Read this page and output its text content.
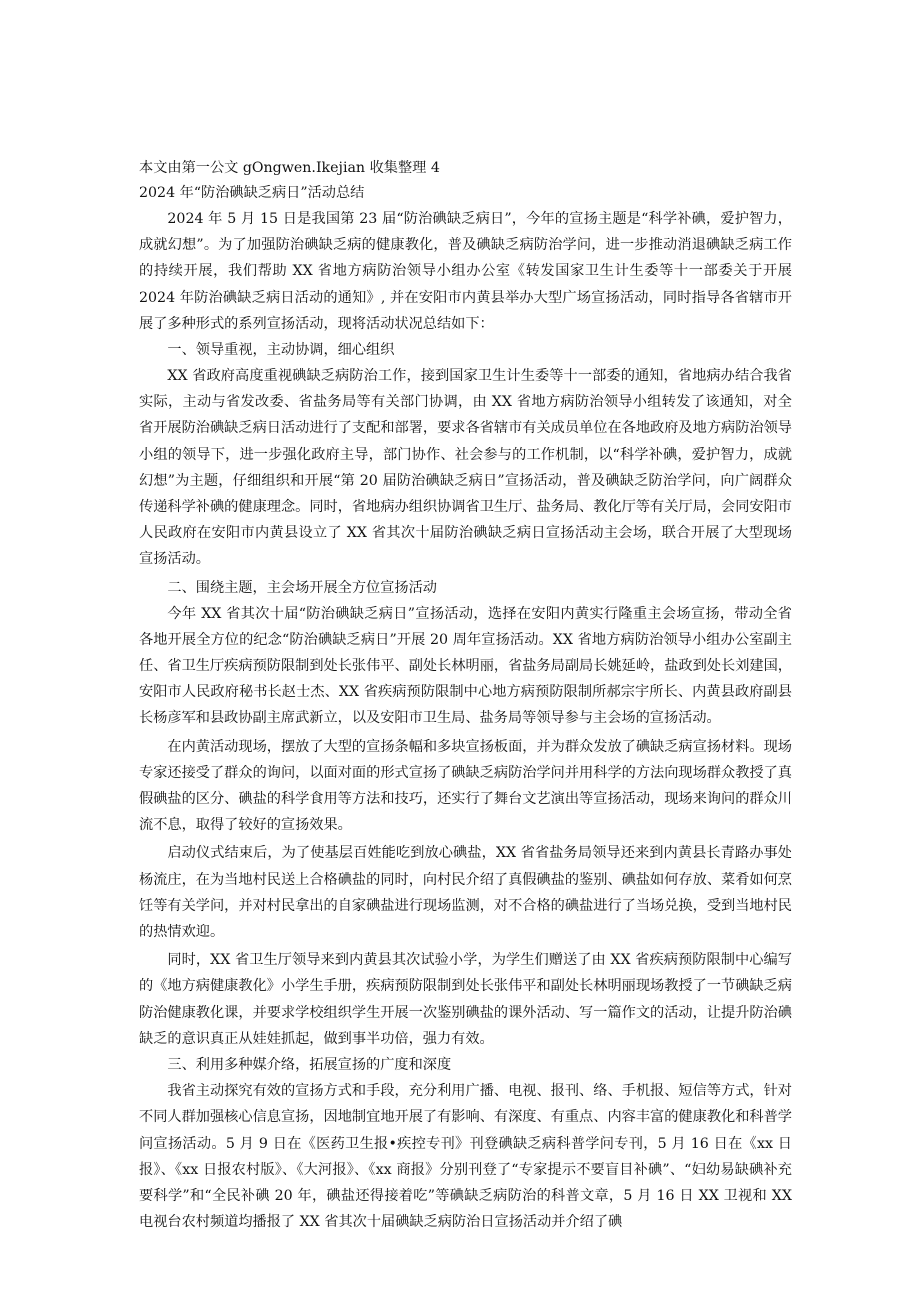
本文由第一公文 gOngwen.Ikejian 收集整理 4

2024 年“防治碘缺乏病日”活动总结

2024 年 5 月 15 日是我国第 23 届“防治碘缺乏病日”，今年的宣扬主题是“科学补碘，爱护智力，成就幻想”。为了加强防治碘缺乏病的健康教化，普及碘缺乏病防治学问，进一步推动消退碘缺乏病工作的持续开展，我们帮助 XX 省地方病防治领导小组办公室《转发国家卫生计生委等十一部委关于开展 2024 年防治碘缺乏病日活动的通知》, 并在安阳市内黄县举办大型广场宣扬活动，同时指导各省辖市开展了多种形式的系列宣扬活动，现将活动状况总结如下：

一、领导重视，主动协调，细心组织

XX 省政府高度重视碘缺乏病防治工作，接到国家卫生计生委等十一部委的通知，省地病办结合我省实际，主动与省发改委、省盐务局等有关部门协调，由 XX 省地方病防治领导小组转发了该通知，对全省开展防治碘缺乏病日活动进行了支配和部署，要求各省辖市有关成员单位在各地政府及地方病防治领导小组的领导下，进一步强化政府主导，部门协作、社会参与的工作机制，以“科学补碘，爱护智力，成就幻想”为主题，仔细组织和开展“第 20 届防治碘缺乏病日”宣扬活动，普及碘缺乏防治学问，向广阔群众传递科学补碘的健康理念。同时，省地病办组织协调省卫生厅、盐务局、教化厅等有关厅局，会同安阳市人民政府在安阳市内黄县设立了 XX 省其次十届防治碘缺乏病日宣扬活动主会场，联合开展了大型现场宣扬活动。

二、围绕主题，主会场开展全方位宣扬活动

今年 XX 省其次十届“防治碘缺乏病日”宣扬活动，选择在安阳内黄实行隆重主会场宣扬，带动全省各地开展全方位的纪念“防治碘缺乏病日”开展 20 周年宣扬活动。XX 省地方病防治领导小组办公室副主任、省卫生厅疾病预防限制到处长张伟平、副处长林明丽，省盐务局副局长姚延岭，盐政到处长刘建国，安阳市人民政府秘书长赵士杰、XX 省疾病预防限制中心地方病预防限制所郝宗宇所长、内黄县政府副县长杨彦军和县政协副主席武新立，以及安阳市卫生局、盐务局等领导参与主会场的宣扬活动。

在内黄活动现场，摆放了大型的宣扬条幅和多块宣扬板面，并为群众发放了碘缺乏病宣扬材料。现场专家还接受了群众的询问，以面对面的形式宣扬了碘缺乏病防治学问并用科学的方法向现场群众教授了真假碘盐的区分、碘盐的科学食用等方法和技巧，还实行了舞台文艺演出等宣扬活动，现场来询问的群众川流不息，取得了较好的宣扬效果。

启动仪式结束后，为了使基层百姓能吃到放心碘盐，XX 省省盐务局领导还来到内黄县长青路办事处杨流庄，在为当地村民送上合格碘盐的同时，向村民介绍了真假碘盐的鉴别、碘盐如何存放、菜肴如何烹饪等有关学问，并对村民拿出的自家碘盐进行现场监测，对不合格的碘盐进行了当场兑换，受到当地村民的热情欢迎。

同时，XX 省卫生厅领导来到内黄县其次试验小学，为学生们赠送了由 XX 省疾病预防限制中心编写的《地方病健康教化》小学生手册，疾病预防限制到处长张伟平和副处长林明丽现场教授了一节碘缺乏病防治健康教化课，并要求学校组织学生开展一次鉴别碘盐的课外活动、写一篇作文的活动，让提升防治碘缺乏的意识真正从娃娃抓起，做到事半功倍，强力有效。

三、利用多种媒介络，拓展宣扬的广度和深度

我省主动探究有效的宣扬方式和手段，充分利用广播、电视、报刊、络、手机报、短信等方式，针对不同人群加强核心信息宣扬，因地制宜地开展了有影响、有深度、有重点、内容丰富的健康教化和科普学问宣扬活动。5 月 9 日在《医药卫生报•疾控专刊》刊登碘缺乏病科普学问专刊，5 月 16 日在《xx 日报》、《xx 日报农村版》、《大河报》、《xx 商报》分别刊登了“专家提示不要盲目补碘”、“妇幼易缺碘补充要科学”和“全民补碘 20 年，碘盐还得接着吃”等碘缺乏病防治的科普文章，5 月 16 日 XX 卫视和 XX 电视台农村频道均播报了 XX 省其次十届碘缺乏病防治日宣扬活动并介绍了碘
